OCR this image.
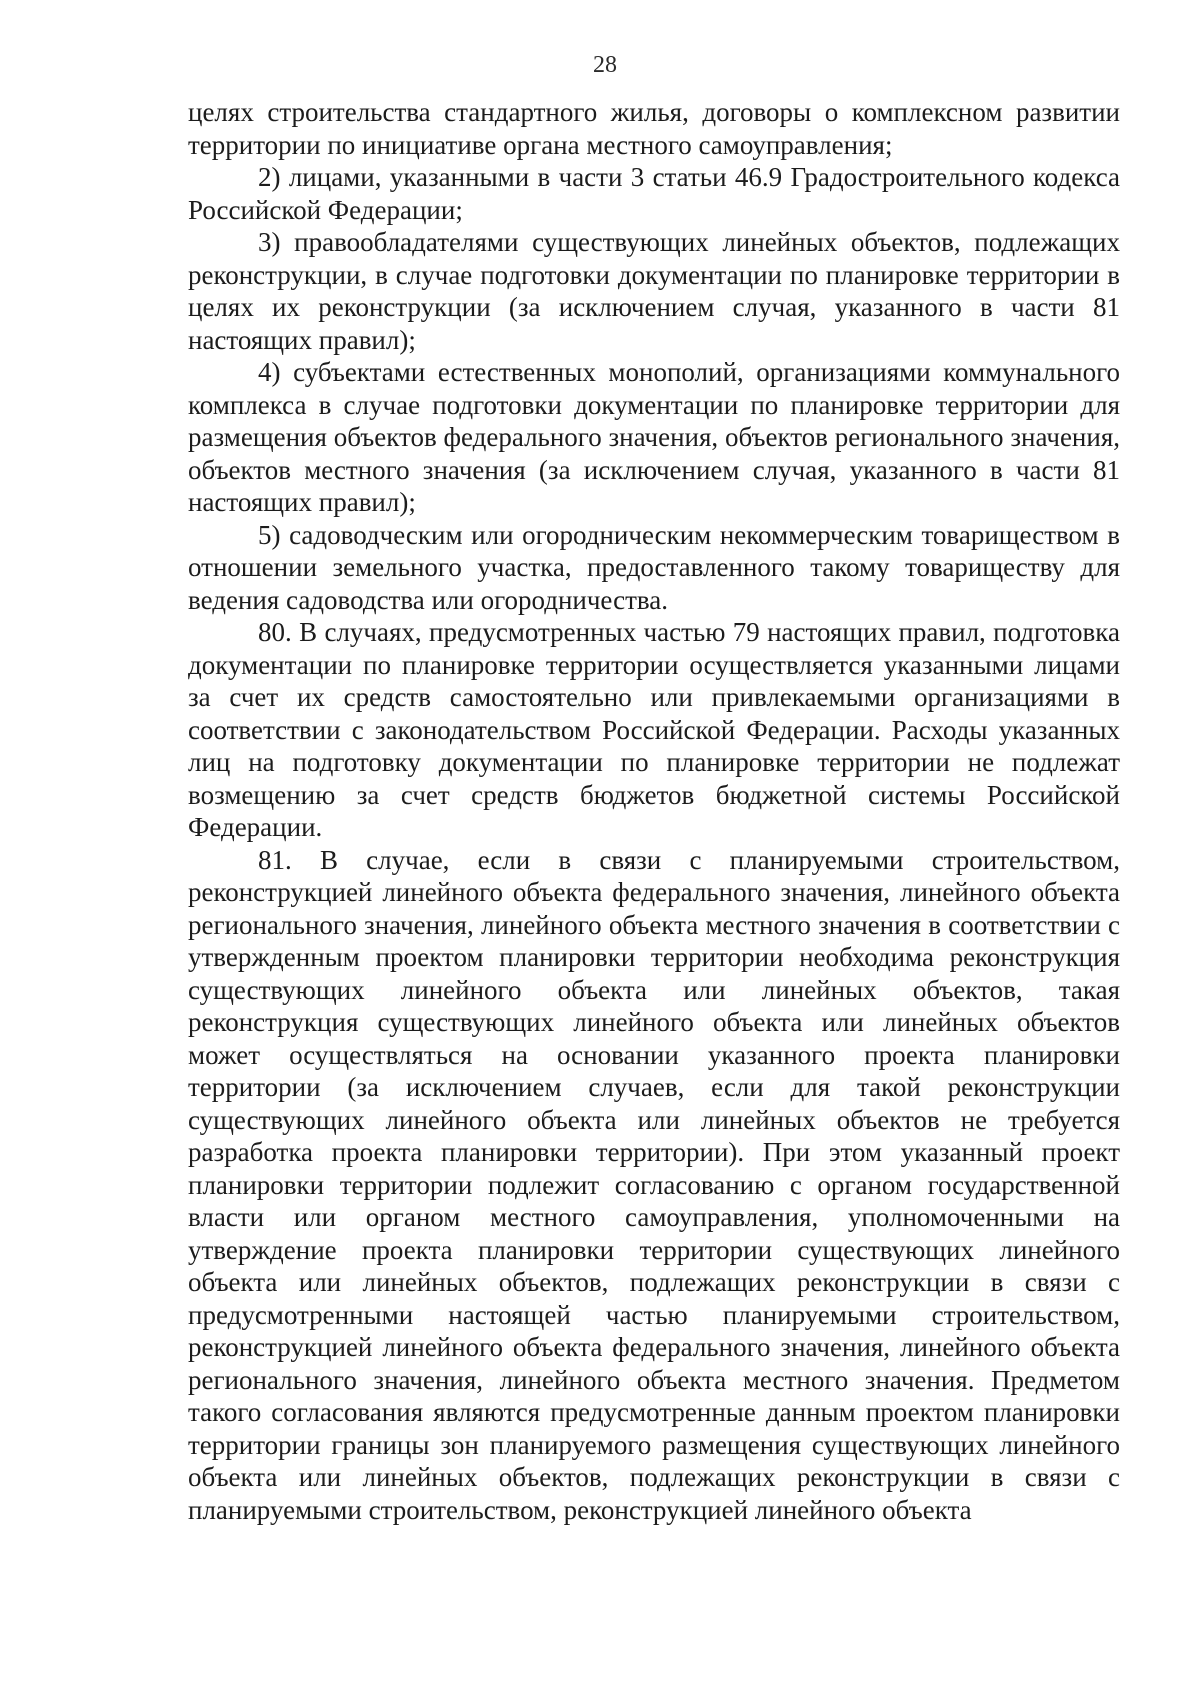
28

целях строительства стандартного жилья, договоры о комплексном развитии территории по инициативе органа местного самоуправления;

2) лицами, указанными в части 3 статьи 46.9 Градостроительного кодекса Российской Федерации;

3) правообладателями существующих линейных объектов, подлежащих реконструкции, в случае подготовки документации по планировке территории в целях их реконструкции (за исключением случая, указанного в части 81 настоящих правил);

4) субъектами естественных монополий, организациями коммунального комплекса в случае подготовки документации по планировке территории для размещения объектов федерального значения, объектов регионального значения, объектов местного значения (за исключением случая, указанного в части 81 настоящих правил);

5) садоводческим или огородническим некоммерческим товариществом в отношении земельного участка, предоставленного такому товариществу для ведения садоводства или огородничества.

80. В случаях, предусмотренных частью 79 настоящих правил, подготовка документации по планировке территории осуществляется указанными лицами за счет их средств самостоятельно или привлекаемыми организациями в соответствии с законодательством Российской Федерации. Расходы указанных лиц на подготовку документации по планировке территории не подлежат возмещению за счет средств бюджетов бюджетной системы Российской Федерации.

81. В случае, если в связи с планируемыми строительством, реконструкцией линейного объекта федерального значения, линейного объекта регионального значения, линейного объекта местного значения в соответствии с утвержденным проектом планировки территории необходима реконструкция существующих линейного объекта или линейных объектов, такая реконструкция существующих линейного объекта или линейных объектов может осуществляться на основании указанного проекта планировки территории (за исключением случаев, если для такой реконструкции существующих линейного объекта или линейных объектов не требуется разработка проекта планировки территории). При этом указанный проект планировки территории подлежит согласованию с органом государственной власти или органом местного самоуправления, уполномоченными на утверждение проекта планировки территории существующих линейного объекта или линейных объектов, подлежащих реконструкции в связи с предусмотренными настоящей частью планируемыми строительством, реконструкцией линейного объекта федерального значения, линейного объекта регионального значения, линейного объекта местного значения. Предметом такого согласования являются предусмотренные данным проектом планировки территории границы зон планируемого размещения существующих линейного объекта или линейных объектов, подлежащих реконструкции в связи с планируемыми строительством, реконструкцией линейного объекта
